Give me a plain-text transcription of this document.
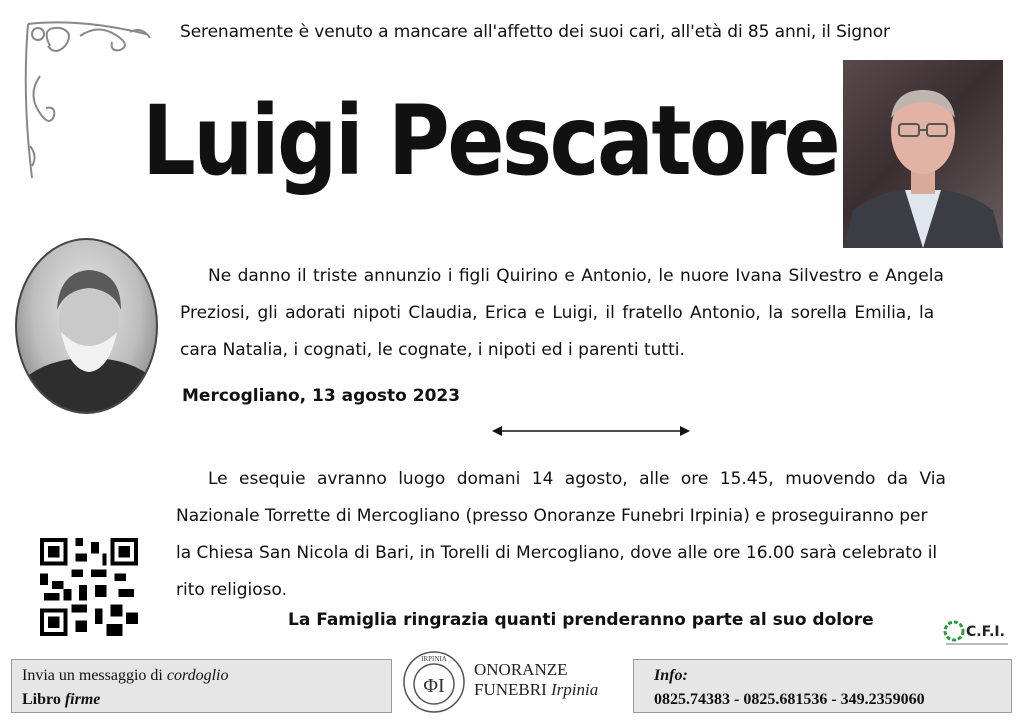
Serenamente è venuto a mancare all'affetto dei suoi cari, all'età di 85 anni, il Signor
Luigi Pescatore
Ne danno il triste annunzio i figli Quirino e Antonio, le nuore Ivana Silvestro e Angela
Preziosi, gli adorati nipoti Claudia, Erica e Luigi, il fratello Antonio, la sorella Emilia, la
cara Natalia, i cognati, le cognate, i nipoti ed i parenti tutti.
Mercogliano, 13 agosto 2023
Le esequie avranno luogo domani 14 agosto, alle ore 15.45, muovendo da Via
Nazionale Torrette di Mercogliano (presso Onoranze Funebri Irpinia) e proseguiranno per
la Chiesa San Nicola di Bari, in Torelli di Mercogliano, dove alle ore 16.00 sarà celebrato il
rito religioso.
La Famiglia ringrazia quanti prenderanno parte al suo dolore
C.F.I.
Invia un messaggio di cordoglio
Libro firme
IRPINIA
ΦI
ONORANZE
FUNEBRI Irpinia
Info:
0825.74383 - 0825.681536 - 349.2359060
